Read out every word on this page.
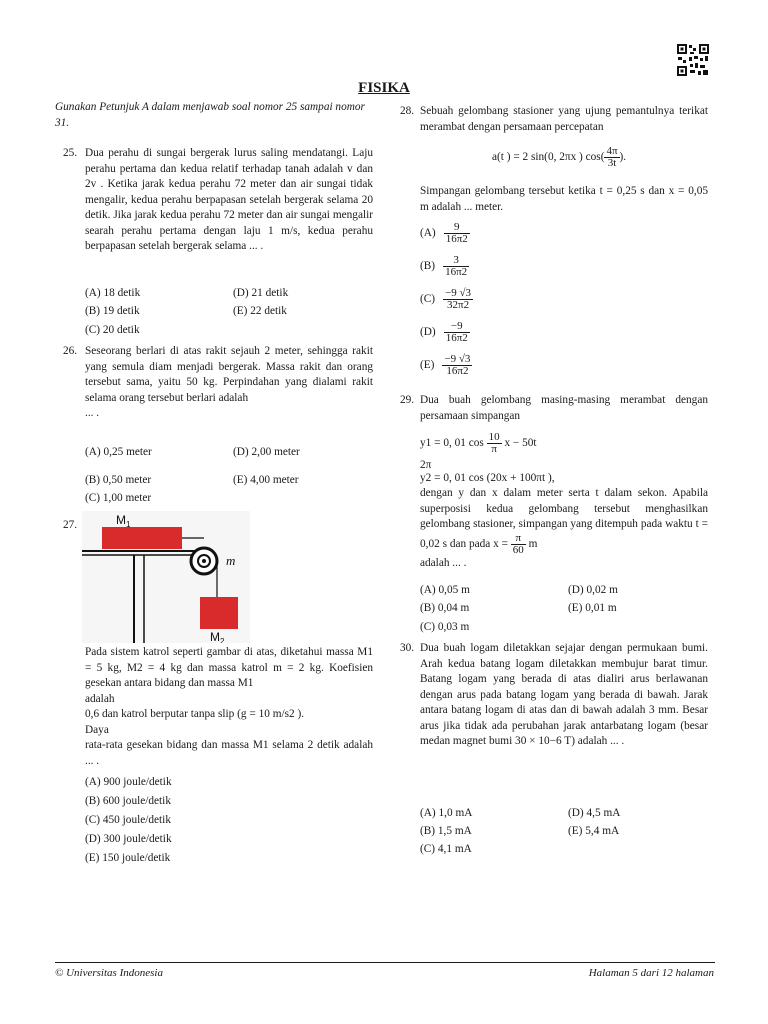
FISIKA
Gunakan Petunjuk A dalam menjawab soal nomor 25 sampai nomor 31.
25. Dua perahu di sungai bergerak lurus saling mendatangi. Laju perahu pertama dan kedua relatif terhadap tanah adalah v dan 2v . Ketika jarak kedua perahu 72 meter dan air sungai tidak mengalir, kedua perahu berpapasan setelah bergerak selama 20 detik. Jika jarak kedua perahu 72 meter dan air sungai mengalir searah perahu pertama dengan laju 1 m/s, kedua perahu berpapasan setelah bergerak selama ... .
(A) 18 detik	(D) 21 detik
(B) 19 detik	(E) 22 detik
(C) 20 detik
26. Seseorang berlari di atas rakit sejauh 2 meter, sehingga rakit yang semula diam menjadi bergerak. Massa rakit dan orang tersebut sama, yaitu 50 kg. Perpindahan yang dialami rakit selama orang tersebut berlari adalah
... .
(A) 0,25 meter	(D) 2,00 meter
(B) 0,50 meter	(E) 4,00 meter
(C) 1,00 meter
27.	$M_1$
m
$M_2$
Pada sistem katrol seperti gambar di atas, diketahui massa M1 = 5 kg, M2 = 4 kg dan massa katrol m = 2 kg. Koefisien gesekan antara bidang dan massa M1
adalah
0,6 dan katrol berputar tanpa slip (g = 10 m/s2 ).
Daya
rata-rata gesekan bidang dan massa M1 selama 2 detik adalah ... .
(A) 900 joule/detik
(B) 600 joule/detik
(C) 450 joule/detik
(D) 300 joule/detik
(E) 150 joule/detik
28. Sebuah gelombang stasioner yang ujung pemantulnya terikat merambat dengan persamaan percepatan
a(t ) = 2 sin(0, 2πx ) $\cos( \frac{4\pi}{3t}$ ).
Simpangan gelombang tersebut ketika t = 0,25 s dan x = 0,05 m adalah ... meter.
$(A) \frac{9}{16\pi 2}$
$(B) \frac{3}{16\pi 2}$
$(C) \frac{-9 √3}{32\pi 2}$
$(D) \frac{-9}{16\pi 2}$
$(E) \frac{-9 √3}{16\pi 2}$
29. Dua buah gelombang masing-masing merambat dengan persamaan simpangan
y1 = 0, 01 $\cos \frac{10}{\pi}$ x − 50t
2π
y2 = 0, 01 cos (20x + 100πt ),
dengan y dan x dalam meter serta t dalam sekon. Apabila superposisi kedua gelombang tersebut menghasilkan gelombang stasioner, simpangan yang ditempuh pada waktu t = 0,02 s dan pada $x = \frac{\pi}{60}$ m
adalah ... .
(A) 0,05 m	(D) 0,02 m
(B) 0,04 m	(E) 0,01 m
(C) 0,03 m
30. Dua buah logam diletakkan sejajar dengan permukaan bumi. Arah kedua batang logam diletakkan membujur barat timur. Batang logam yang berada di atas dialiri arus berlawanan dengan arus pada batang logam yang berada di bawah. Jarak antara batang logam di atas dan di bawah adalah 3 mm. Besar arus jika tidak ada perubahan jarak antarbatang logam (besar medan magnet bumi 30 × 10−6 T) adalah ... .
(A) 1,0 mA	(D) 4,5 mA
(B) 1,5 mA	(E) 5,4 mA
(C) 4,1 mA
© Universitas Indonesia	Halaman 5 dari 12 halaman
